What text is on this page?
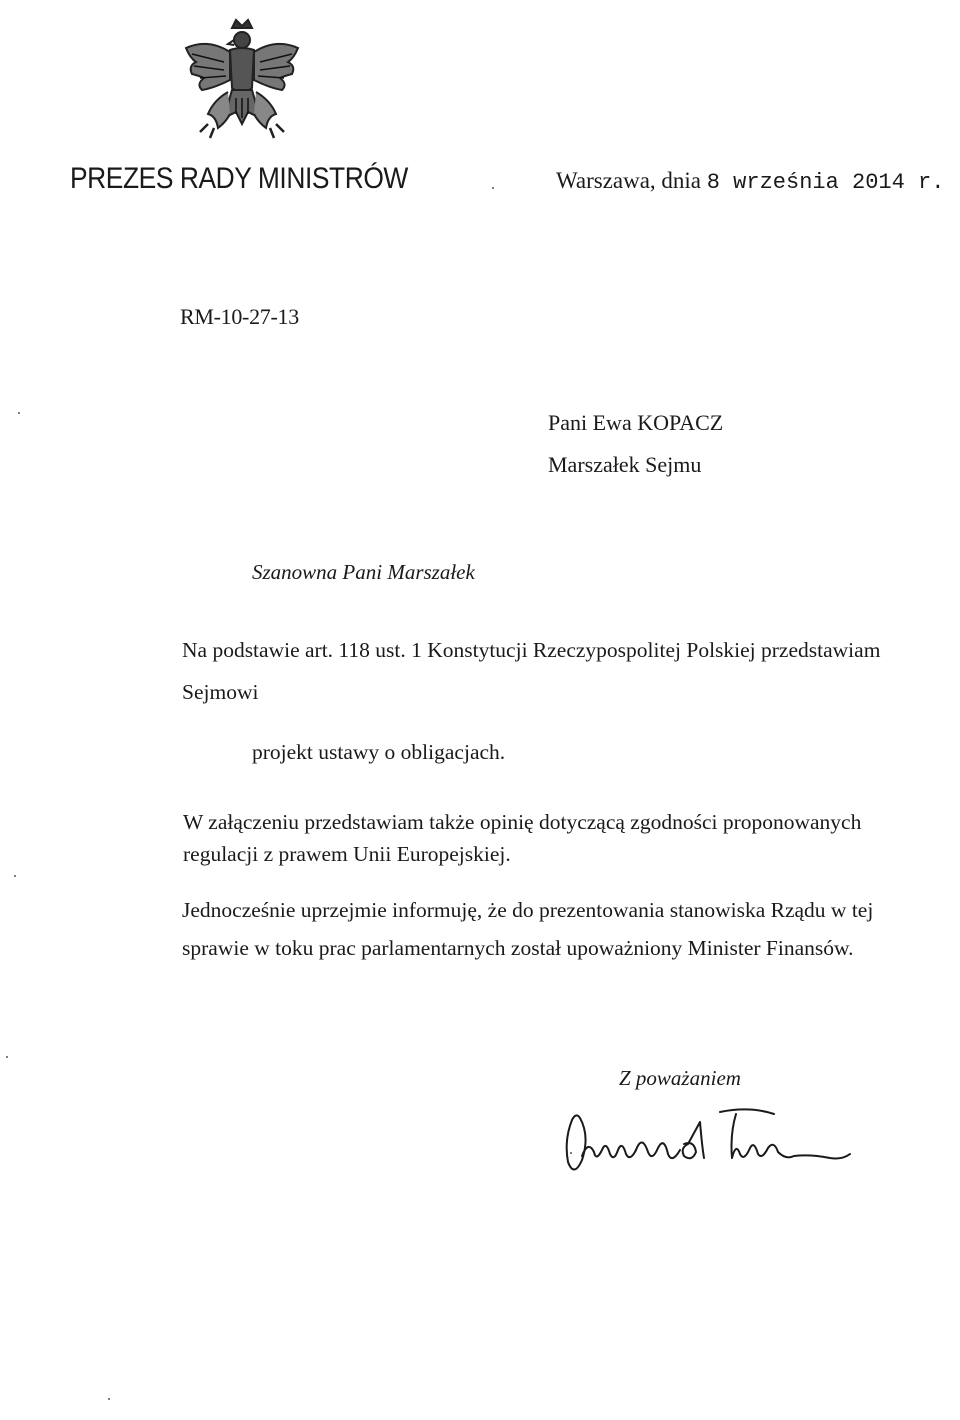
PREZES RADY MINISTRÓW	Warszawa, dnia 8 września 2014 r.
RM-10-27-13
Pani Ewa KOPACZ
Marszałek Sejmu
Szanowna Pani Marszałek
Na podstawie art. 118 ust. 1 Konstytucji Rzeczypospolitej Polskiej przedstawiam
Sejmowi
projekt ustawy o obligacjach.
W załączeniu przedstawiam także opinię dotyczącą zgodności proponowanych
regulacji z prawem Unii Europejskiej.
Jednocześnie uprzejmie informuję, że do prezentowania stanowiska Rządu w tej
sprawie w toku prac parlamentarnych został upoważniony Minister Finansów.
Z poważaniem
